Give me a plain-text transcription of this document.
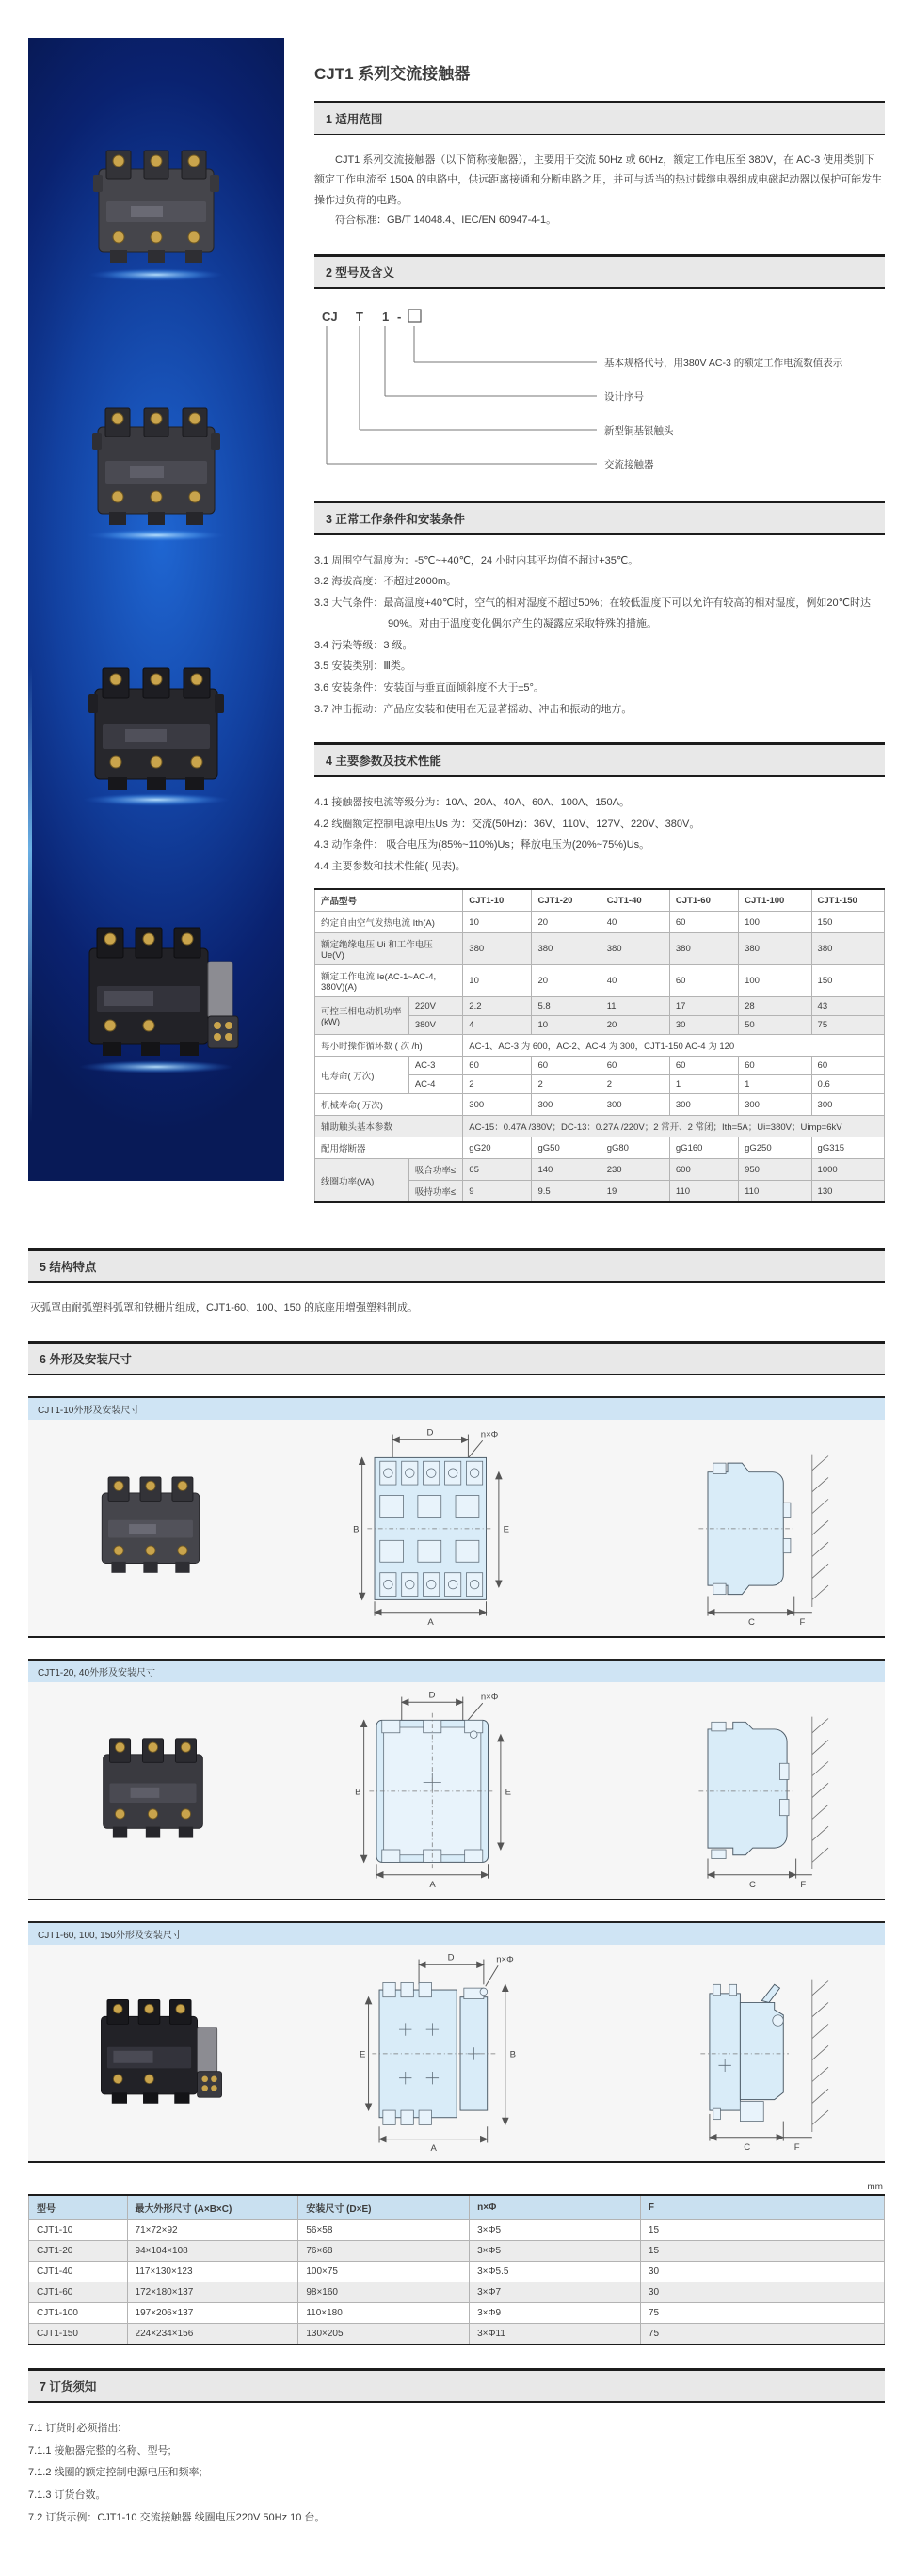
CJT1 系列交流接触器
1 适用范围

CJT1 系列交流接触器（以下简称接触器），主要用于交流 50Hz 或 60Hz，额定工作电压至 380V，在 AC-3 使用类别下额定工作电流至 150A 的电路中，供远距离接通和分断电路之用，并可与适当的热过载继电器组成电磁起动器以保护可能发生操作过负荷的电路。

符合标准：GB/T 14048.4、IEC/EN 60947-4-1。

2 型号及含义
CJ T 1 -
基本规格代号，用380V AC-3 的额定工作电流数值表示
设计序号
新型铜基银触头
交流接触器
3 正常工作条件和安装条件
3.1 周围空气温度为：-5℃~+40℃，24 小时内其平均值不超过+35℃。
3.2 海拔高度：不超过2000m。
3.3 大气条件：最高温度+40℃时，空气的相对湿度不超过50%；在较低温度下可以允许有较高的相对湿度，例如20℃时达90%。对由于温度变化偶尔产生的凝露应采取特殊的措施。
3.4 污染等级：3 级。
3.5 安装类别：Ⅲ类。
3.6 安装条件：安装面与垂直面倾斜度不大于±5°。
3.7 冲击振动：产品应安装和使用在无显著摇动、冲击和振动的地方。
4 主要参数及技术性能
4.1 接触器按电流等级分为：10A、20A、40A、60A、100A、150A。
4.2 线圈额定控制电源电压Us 为：交流(50Hz)：36V、110V、127V、220V、380V。
4.3 动作条件： 吸合电压为(85%~110%)Us；释放电压为(20%~75%)Us。
4.4 主要参数和技术性能( 见表)。
产品型号		CJT1-10	CJT1-20	CJT1-40	CJT1-60	CJT1-100	CJT1-150
约定自由空气发热电流 Ith(A)		10	20	40	60	100	150
额定绝缘电压 Ui 和工作电压 Ue(V)		380	380	380	380	380	380
额定工作电流 Ie(AC-1~AC-4, 380V)(A)		10	20	40	60	100	150
可控三相电动机功率 (kW)	220V	2.2	5.8	11	17	28	43
	380V	4	10	20	30	50	75
每小时操作循环数 ( 次 /h)		AC-1、AC-3 为 600，AC-2、AC-4 为 300，CJT1-150 AC-4 为 120					
电寿命( 万次)	AC-3	60	60	60	60	60	60
	AC-4	2	2	2	1	1	0.6
机械寿命( 万次)		300	300	300	300	300	300
辅助触头基本参数		AC-15：0.47A /380V；DC-13：0.27A /220V；2 常开、2 常闭；Ith=5A；Ui=380V；Uimp=6kV					
配用熔断器		gG20	gG50	gG80	gG160	gG250	gG315
线圈功率(VA)	吸合功率≤	65	140	230	600	950	1000
	吸持功率≤	9	9.5	19	110	110	130
5 结构特点

灭弧罩由耐弧塑料弧罩和铁栅片组成，CJT1-60、100、150 的底座用增强塑料制成。

6 外形及安装尺寸
CJT1-10外形及安装尺寸
D	n×Φ
B	E
A	C	F
CJT1-20, 40外形及安装尺寸
D	n×Φ
B	E
A	C	F
CJT1-60, 100, 150外形及安装尺寸
D	n×Φ
E	B
A	C	F
mm
型号	最大外形尺寸 (A×B×C)	安装尺寸 (D×E)	n×Φ	F
CJT1-10	71×72×92	56×58	3×Φ5	15
CJT1-20	94×104×108	76×68	3×Φ5	15
CJT1-40	117×130×123	100×75	3×Φ5.5	30
CJT1-60	172×180×137	98×160	3×Φ7	30
CJT1-100	197×206×137	110×180	3×Φ9	75
CJT1-150	224×234×156	130×205	3×Φ11	75
7 订货须知
7.1 订货时必须指出:
7.1.1 接触器完整的名称、型号;
7.1.2 线圈的额定控制电源电压和频率;
7.1.3 订货台数。
7.2 订货示例：CJT1-10 交流接触器 线圈电压220V 50Hz 10 台。
